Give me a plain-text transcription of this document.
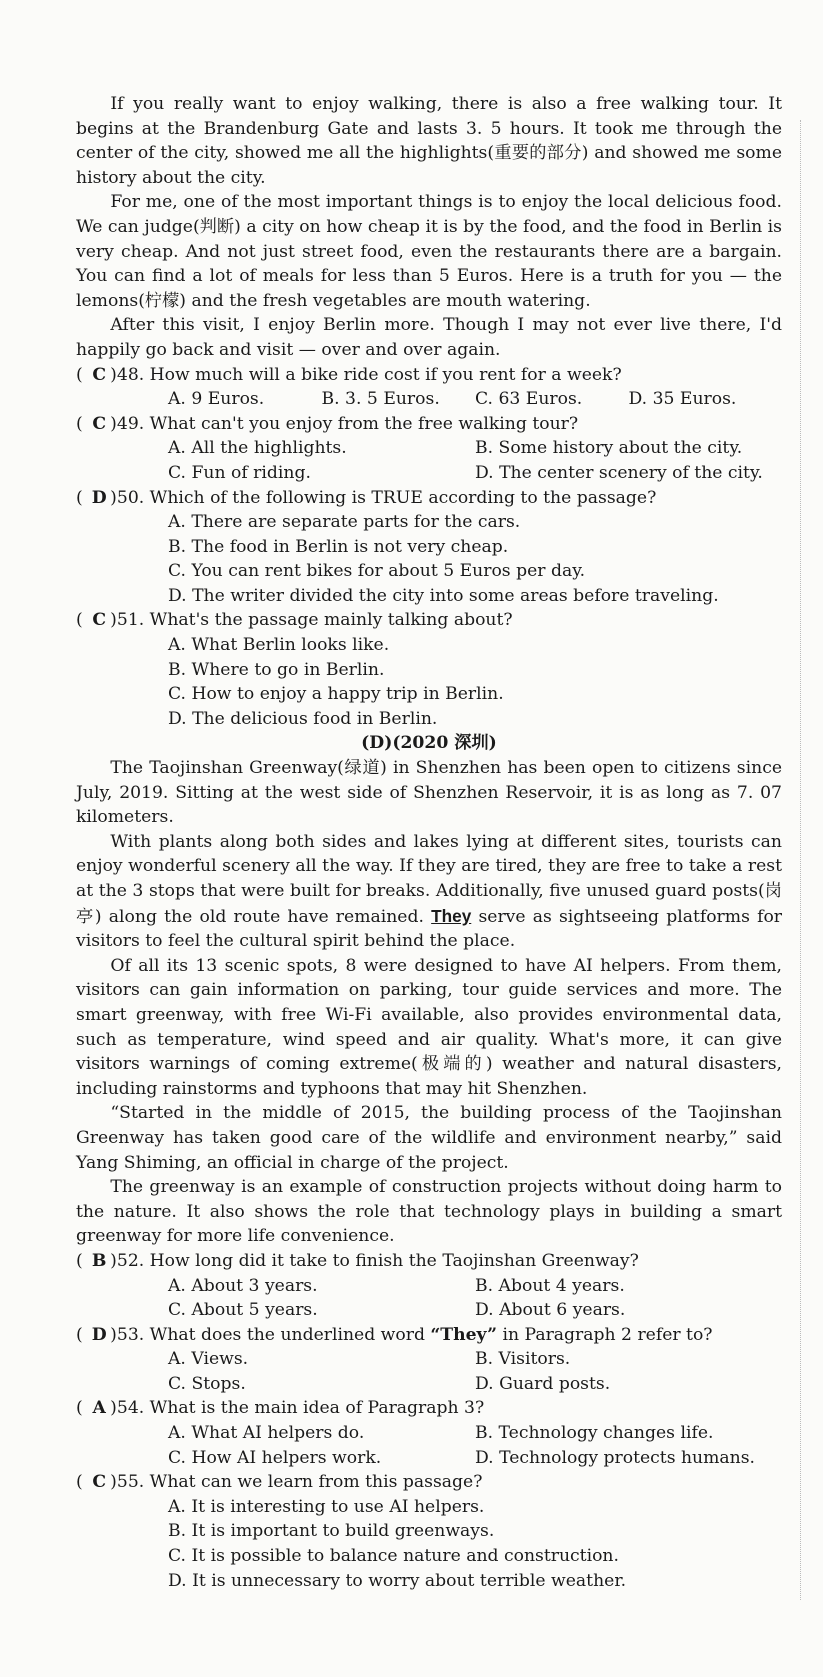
If you really want to enjoy walking, there is also a free walking tour. It begins at the Brandenburg Gate and lasts 3. 5 hours. It took me through the center of the city, showed me all the highlights(重要的部分) and showed me some history about the city.

For me, one of the most important things is to enjoy the local delicious food. We can judge(判断) a city on how cheap it is by the food, and the food in Berlin is very cheap. And not just street food, even the restaurants there are a bargain. You can find a lot of meals for less than 5 Euros. Here is a truth for you — the lemons(柠檬) and the fresh vegetables are mouth watering.

After this visit, I enjoy Berlin more. Though I may not ever live there, I'd happily go back and visit — over and over again.

( C )48. How much will a bike ride cost if you rent for a week?

A. 9 Euros.	B. 3. 5 Euros.	C. 63 Euros.	D. 35 Euros.

( C )49. What can't you enjoy from the free walking tour?

A. All the highlights.	B. Some history about the city.
C. Fun of riding.	D. The center scenery of the city.

( D )50. Which of the following is TRUE according to the passage?

A. There are separate parts for the cars.
B. The food in Berlin is not very cheap.
C. You can rent bikes for about 5 Euros per day.
D. The writer divided the city into some areas before traveling.

( C )51. What's the passage mainly talking about?

A. What Berlin looks like.
B. Where to go in Berlin.
C. How to enjoy a happy trip in Berlin.
D. The delicious food in Berlin.

(D)(2020 深圳)

The Taojinshan Greenway(绿道) in Shenzhen has been open to citizens since July, 2019. Sitting at the west side of Shenzhen Reservoir, it is as long as 7. 07 kilometers.

With plants along both sides and lakes lying at different sites, tourists can enjoy wonderful scenery all the way. If they are tired, they are free to take a rest at the 3 stops that were built for breaks. Additionally, five unused guard posts(岗亭) along the old route have remained. They serve as sightseeing platforms for visitors to feel the cultural spirit behind the place.

Of all its 13 scenic spots, 8 were designed to have AI helpers. From them, visitors can gain information on parking, tour guide services and more. The smart greenway, with free Wi-Fi available, also provides environmental data, such as temperature, wind speed and air quality. What's more, it can give visitors warnings of coming extreme(极端的) weather and natural disasters, including rainstorms and typhoons that may hit Shenzhen.

“Started in the middle of 2015, the building process of the Taojinshan Greenway has taken good care of the wildlife and environment nearby,” said Yang Shiming, an official in charge of the project.

The greenway is an example of construction projects without doing harm to the nature. It also shows the role that technology plays in building a smart greenway for more life convenience.

( B )52. How long did it take to finish the Taojinshan Greenway?

A. About 3 years.	B. About 4 years.
C. About 5 years.	D. About 6 years.

( D )53. What does the underlined word “They” in Paragraph 2 refer to?

A. Views.	B. Visitors.
C. Stops.	D. Guard posts.

( A )54. What is the main idea of Paragraph 3?

A. What AI helpers do.	B. Technology changes life.
C. How AI helpers work.	D. Technology protects humans.

( C )55. What can we learn from this passage?

A. It is interesting to use AI helpers.
B. It is important to build greenways.
C. It is possible to balance nature and construction.
D. It is unnecessary to worry about terrible weather.
